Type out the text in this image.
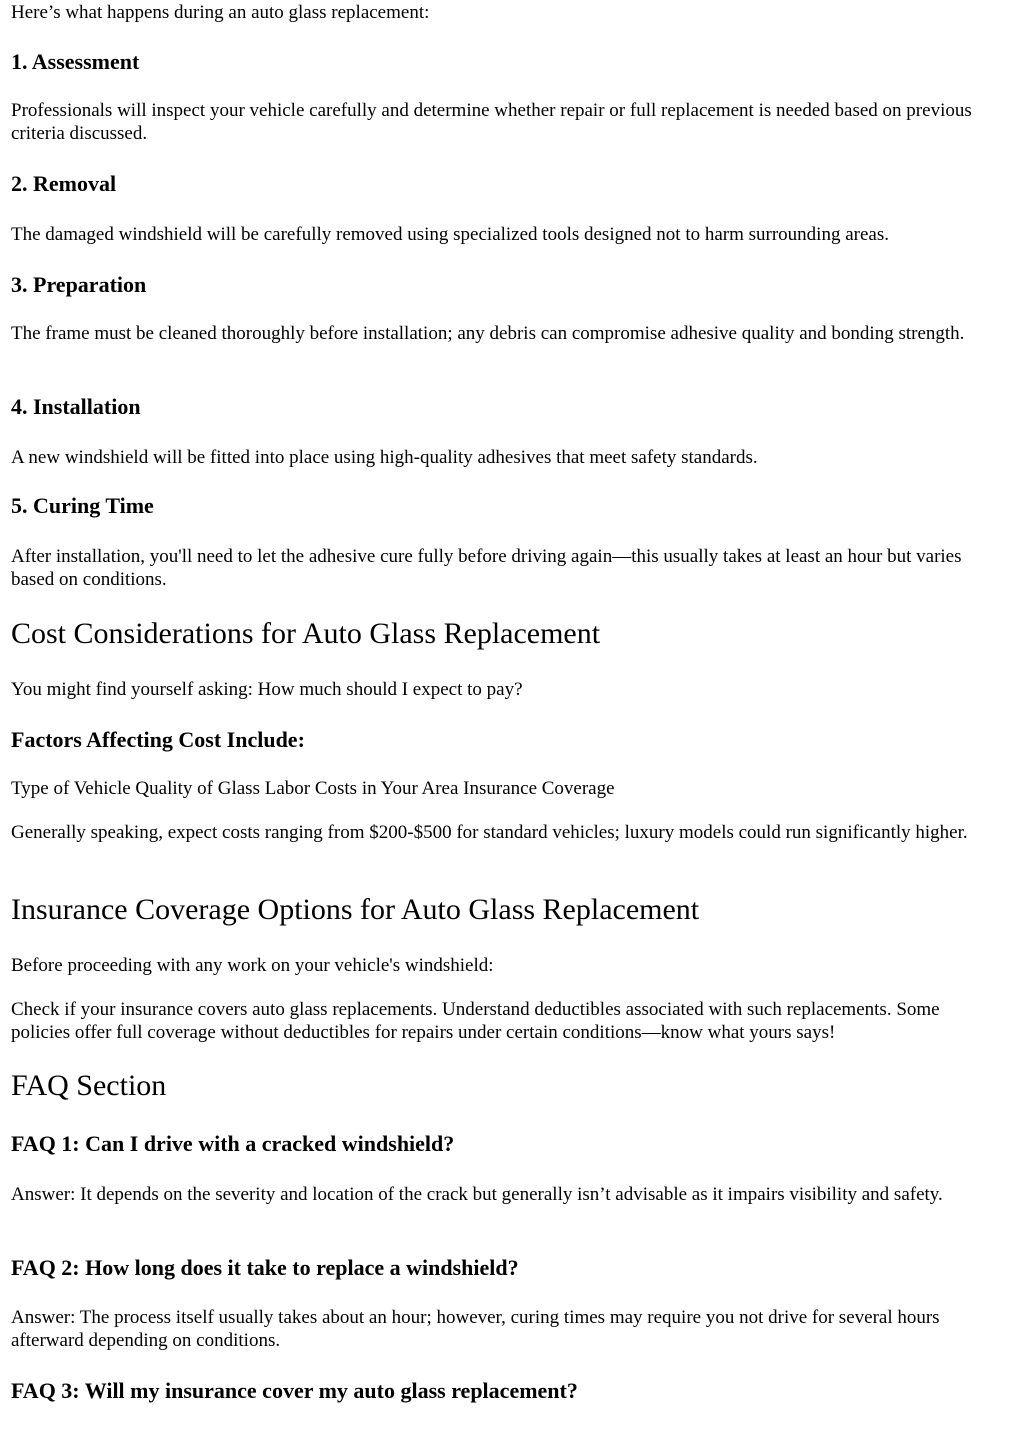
Here’s what happens during an auto glass replacement:

1. Assessment

Professionals will inspect your vehicle carefully and determine whether repair or full replacement is needed based on previous criteria discussed.

2. Removal

The damaged windshield will be carefully removed using specialized tools designed not to harm surrounding areas.

3. Preparation

The frame must be cleaned thoroughly before installation; any debris can compromise adhesive quality and bonding strength.

4. Installation

A new windshield will be fitted into place using high-quality adhesives that meet safety standards.

5. Curing Time

After installation, you'll need to let the adhesive cure fully before driving again—this usually takes at least an hour but varies based on conditions.

Cost Considerations for Auto Glass Replacement

You might find yourself asking: How much should I expect to pay?

Factors Affecting Cost Include:

Type of Vehicle Quality of Glass Labor Costs in Your Area Insurance Coverage

Generally speaking, expect costs ranging from $200-$500 for standard vehicles; luxury models could run significantly higher.

Insurance Coverage Options for Auto Glass Replacement

Before proceeding with any work on your vehicle's windshield:

Check if your insurance covers auto glass replacements. Understand deductibles associated with such replacements. Some policies offer full coverage without deductibles for repairs under certain conditions—know what yours says!

FAQ Section
FAQ 1: Can I drive with a cracked windshield?

Answer: It depends on the severity and location of the crack but generally isn’t advisable as it impairs visibility and safety.

FAQ 2: How long does it take to replace a windshield?

Answer: The process itself usually takes about an hour; however, curing times may require you not drive for several hours afterward depending on conditions.

FAQ 3: Will my insurance cover my auto glass replacement?
